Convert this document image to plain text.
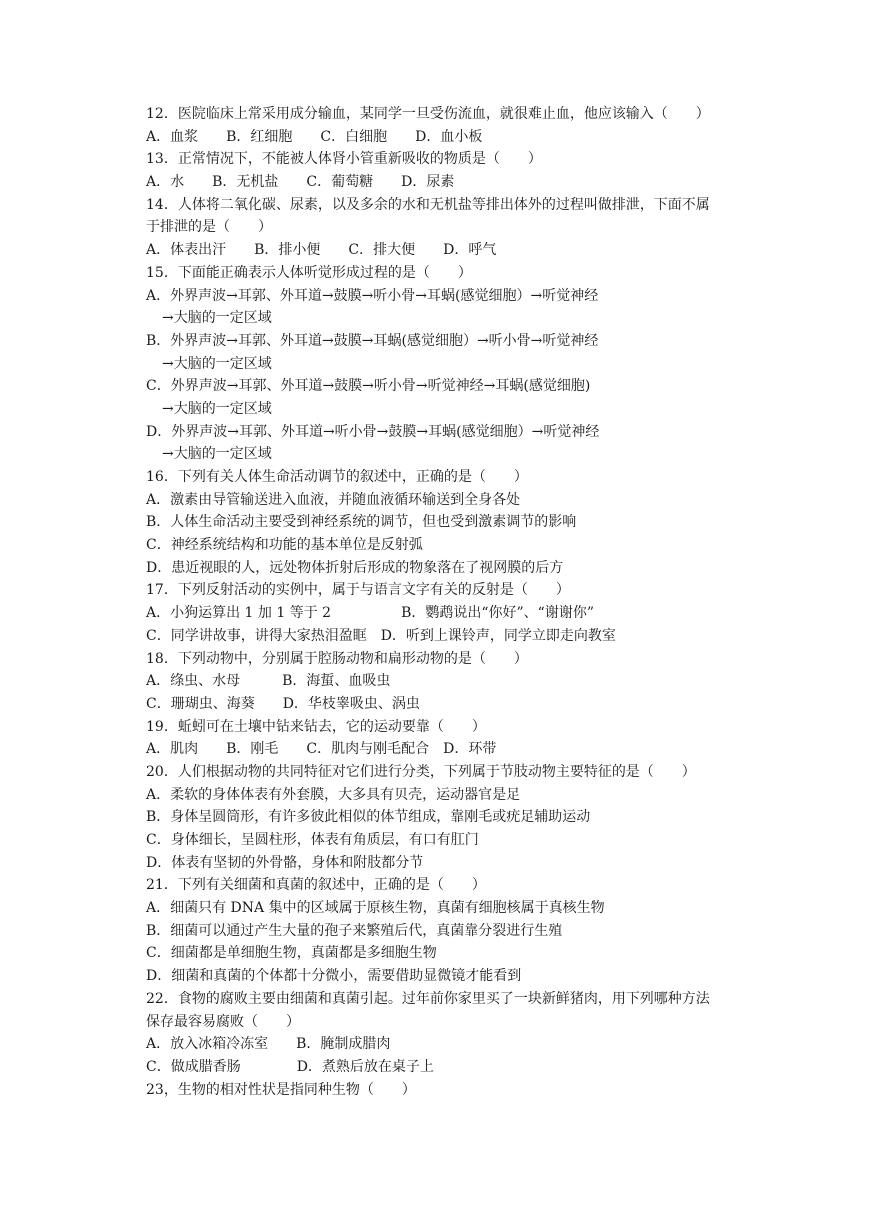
12．医院临床上常采用成分输血，某同学一旦受伤流血，就很难止血，他应该输入（　　）
A．血浆　　B．红细胞　　C．白细胞　　D．血小板
13．正常情况下，不能被人体肾小管重新吸收的物质是（　　）
A．水　　B．无机盐　　C．葡萄糖　　D．尿素
14．人体将二氧化碳、尿素，以及多余的水和无机盐等排出体外的过程叫做排泄，下面不属
于排泄的是（　　）
A．体表出汗　　B．排小便　　C．排大便　　D．呼气
15．下面能正确表示人体听觉形成过程的是（　　）
A．外界声波→耳郭、外耳道→鼓膜→听小骨→耳蜗(感觉细胞）→听觉神经
→大脑的一定区域
B．外界声波→耳郭、外耳道→鼓膜→耳蜗(感觉细胞）→听小骨→听觉神经
→大脑的一定区域
C．外界声波→耳郭、外耳道→鼓膜→听小骨→听觉神经→耳蜗(感觉细胞)
→大脑的一定区域
D．外界声波→耳郭、外耳道→听小骨→鼓膜→耳蜗(感觉细胞）→听觉神经
→大脑的一定区域
16．下列有关人体生命活动调节的叙述中，正确的是（　　）
A．激素由导管输送进入血液，并随血液循环输送到全身各处
B．人体生命活动主要受到神经系统的调节，但也受到激素调节的影响
C．神经系统结构和功能的基本单位是反射弧
D．患近视眼的人，远处物体折射后形成的物象落在了视网膜的后方
17．下列反射活动的实例中，属于与语言文字有关的反射是（　　）
A．小狗运算出 1 加 1 等于 2　　　　　B．鹦鹉说出“你好”、“谢谢你”
C．同学讲故事，讲得大家热泪盈眶　D．听到上课铃声，同学立即走向教室
18．下列动物中，分别属于腔肠动物和扁形动物的是（　　）
A．绦虫、水母　　　B．海蜇、血吸虫
C．珊瑚虫、海葵　　D．华枝睾吸虫、涡虫
19．蚯蚓可在土壤中钻来钻去，它的运动要靠（　　）
A．肌肉　　B．刚毛　　C．肌肉与刚毛配合　D．环带
20．人们根据动物的共同特征对它们进行分类，下列属于节肢动物主要特征的是（　　）
A．柔软的身体体表有外套膜，大多具有贝壳，运动器官是足
B．身体呈圆筒形，有许多彼此相似的体节组成，靠刚毛或疣足辅助运动
C．身体细长，呈圆柱形，体表有角质层，有口有肛门
D．体表有坚韧的外骨骼，身体和附肢都分节
21．下列有关细菌和真菌的叙述中，正确的是（　　）
A．细菌只有 DNA 集中的区域属于原核生物，真菌有细胞核属于真核生物
B．细菌可以通过产生大量的孢子来繁殖后代，真菌靠分裂进行生殖
C．细菌都是单细胞生物，真菌都是多细胞生物
D．细菌和真菌的个体都十分微小，需要借助显微镜才能看到
22．食物的腐败主要由细菌和真菌引起。过年前你家里买了一块新鲜猪肉，用下列哪种方法
保存最容易腐败（　　）
A．放入冰箱冷冻室　　B．腌制成腊肉
C．做成腊香肠　　　　D．煮熟后放在桌子上
23，生物的相对性状是指同种生物（　　）
